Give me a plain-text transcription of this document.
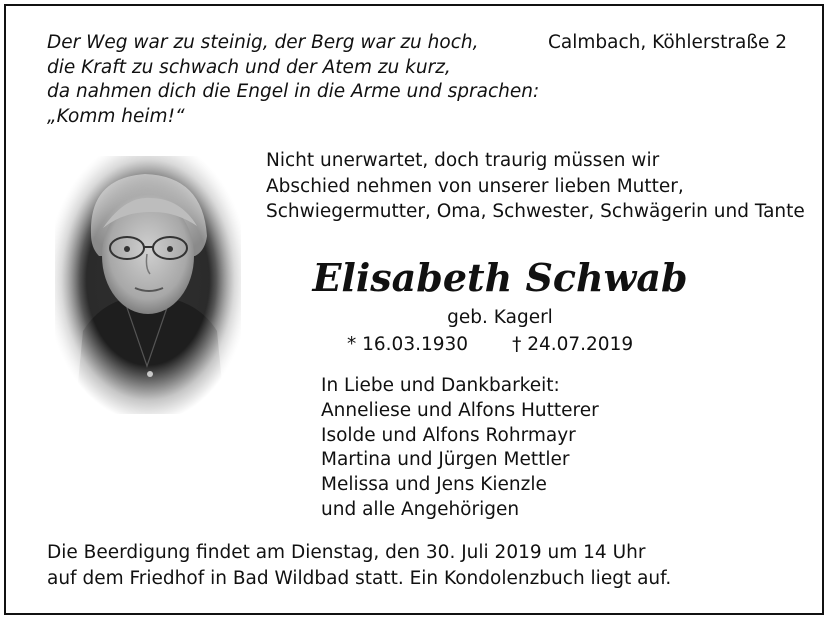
Der Weg war zu steinig, der Berg war zu hoch,
die Kraft zu schwach und der Atem zu kurz,
da nahmen dich die Engel in die Arme und sprachen:
„Komm heim!“
Calmbach, Köhlerstraße 2
Nicht unerwartet, doch traurig müssen wir
Abschied nehmen von unserer lieben Mutter,
Schwiegermutter, Oma, Schwester, Schwägerin und Tante
Elisabeth Schwab
geb. Kagerl
* 16.03.1930 † 24.07.2019
In Liebe und Dankbarkeit:
Anneliese und Alfons Hutterer
Isolde und Alfons Rohrmayr
Martina und Jürgen Mettler
Melissa und Jens Kienzle
und alle Angehörigen
Die Beerdigung findet am Dienstag, den 30. Juli 2019 um 14 Uhr
auf dem Friedhof in Bad Wildbad statt. Ein Kondolenzbuch liegt auf.
